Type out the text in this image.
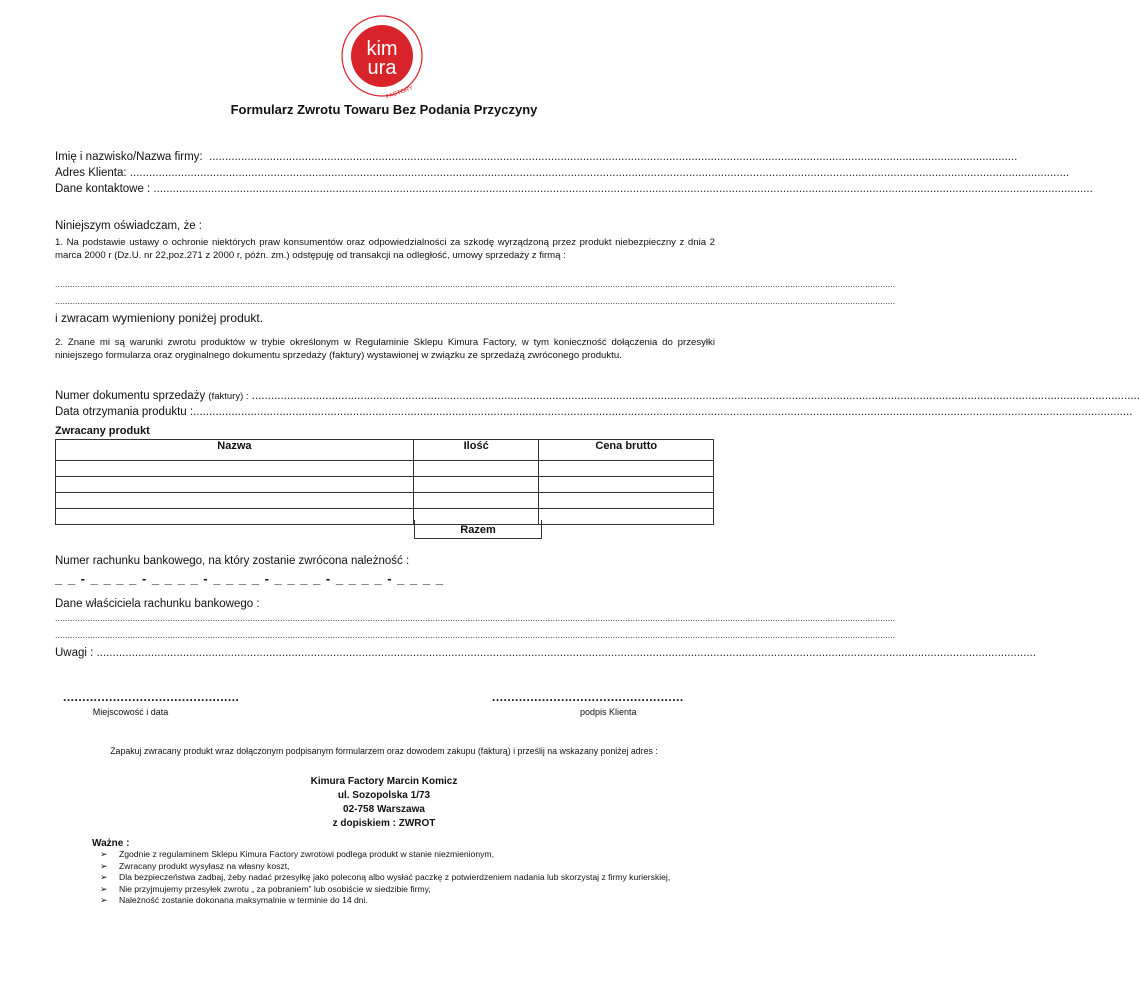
kim
ura
FACTORY
Formularz Zwrotu Towaru Bez Podania Przyczyny
Imię i nazwisko/Nazwa firmy: .............................................................................................................................................................................................................................................................
Adres Klienta: ......................................................................................................................................................................................................................................................................................................
Dane kontaktowe : ......................................................................................................................................................................................................................................................................................................
Niniejszym oświadczam, że :
1. Na podstawie ustawy o ochronie niektórych praw konsumentów oraz odpowiedzialności za szkodę wyrządzoną przez produkt niebezpieczny z dnia 2 marca 2000 r (Dz.U. nr 22,poz.271 z 2000 r, późn. zm.) odstępuję od transakcji na odległość, umowy sprzedaży z firmą :
................................................................................................................................................................................................................................................................................................................................................
................................................................................................................................................................................................................................................................................................................................................
i zwracam wymieniony poniżej produkt.
2. Znane mi są warunki zwrotu produktów w trybie określonym w Regulaminie Sklepu Kimura Factory, w tym konieczność dołączenia do przesyłki niniejszego formularza oraz oryginalnego dokumentu sprzedaży (faktury) wystawionej w związku ze sprzedażą zwróconego produktu.
Numer dokumentu sprzedaży (faktury) : ......................................................................................................................................................................................................................................................................................
Data otrzymania produktu :......................................................................................................................................................................................................................................................................................................
Zwracany produkt
Nazwa	Ilość	Cena brutto

Razem
Numer rachunku bankowego, na który zostanie zwrócona należność :
_ _ - _ _ _ _ - _ _ _ _ - _ _ _ _ - _ _ _ _ - _ _ _ _ - _ _ _ _
Dane właściciela rachunku bankowego :
................................................................................................................................................................................................................................................................................................................................................
................................................................................................................................................................................................................................................................................................................................................
Uwagi : ......................................................................................................................................................................................................................................................................................................
..............................................
Miejscowość i data
..................................................
podpis Klienta
Zapakuj zwracany produkt wraz dołączonym podpisanym formularzem oraz dowodem zakupu (fakturą) i prześlij na wskazany poniżej adres :
Kimura Factory Marcin Komicz
ul. Sozopolska 1/73
02-758 Warszawa
z dopiskiem : ZWROT
Ważne :
➢ Zgodnie z regulaminem Sklepu Kimura Factory zwrotowi podlega produkt w stanie niezmienionym,
➢ Zwracany produkt wysyłasz na własny koszt,
➢ Dla bezpieczeństwa zadbaj, żeby nadać przesyłkę jako poleconą albo wysłać paczkę z potwierdzeniem nadania lub skorzystaj z firmy kurierskiej,
➢ Nie przyjmujemy przesyłek zwrotu „ za pobraniem” lub osobiście w siedzibie firmy,
➢ Należność zostanie dokonana maksymalnie w terminie do 14 dni.
